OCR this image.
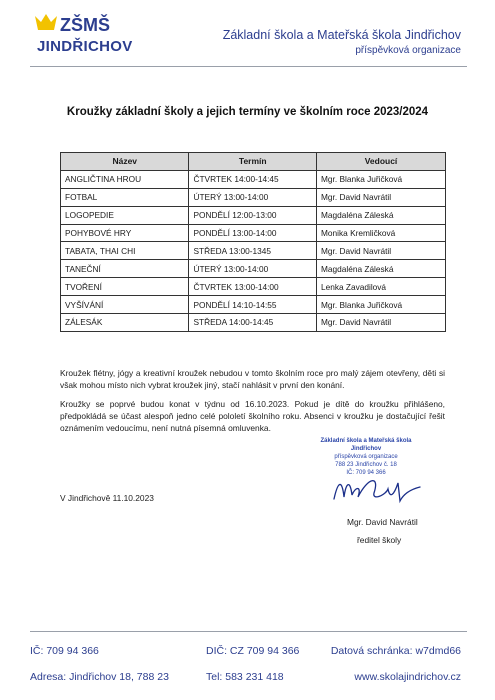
ZŠMŠ
JINDŘICHOV
Základní škola a Mateřská škola Jindřichov
příspěvková organizace
Kroužky základní školy a jejich termíny ve školním roce 2023/2024
Název	Termín	Vedoucí
ANGLIČTINA HROU	ČTVRTEK 14:00-14:45	Mgr. Blanka Juřičková
FOTBAL	ÚTERÝ 13:00-14:00	Mgr. David Navrátil
LOGOPEDIE	PONDĚLÍ 12:00-13:00	Magdaléna Záleská
POHYBOVÉ HRY	PONDĚLÍ 13:00-14:00	Monika Kremličková
TABATA, THAI CHI	STŘEDA 13:00-1345	Mgr. David Navrátil
TANEČNÍ	ÚTERÝ 13:00-14:00	Magdaléna Záleská
TVOŘENÍ	ČTVRTEK 13:00-14:00	Lenka Zavadilová
VYŠÍVÁNÍ	PONDĚLÍ 14:10-14:55	Mgr. Blanka Juřičková
ZÁLESÁK	STŘEDA 14:00-14:45	Mgr. David Navrátil
Kroužek flétny, jógy a kreativní kroužek nebudou v tomto školním roce pro malý zájem otevřeny, děti si však mohou místo nich vybrat kroužek jiný, stačí nahlásit v první den konání.
Kroužky se poprvé budou konat v týdnu od 16.10.2023. Pokud je dítě do kroužku přihlášeno, předpokládá se účast alespoň jedno celé pololetí školního roku. Absenci v kroužku je dostačující řešit oznámením vedoucímu, není nutná písemná omluvenka.
V Jindřichově 11.10.2023
Základní škola a Mateřská škola Jindřichov
příspěvková organizace
788 23 Jindřichov č. 18
IČ: 709 94 366
Mgr. David Navrátil
ředitel školy
IČ: 709 94 366	DIČ: CZ 709 94 366	Datová schránka: w7dmd66
Adresa: Jindřichov 18, 788 23	Tel: 583 231 418	www.skolajindrichov.cz
